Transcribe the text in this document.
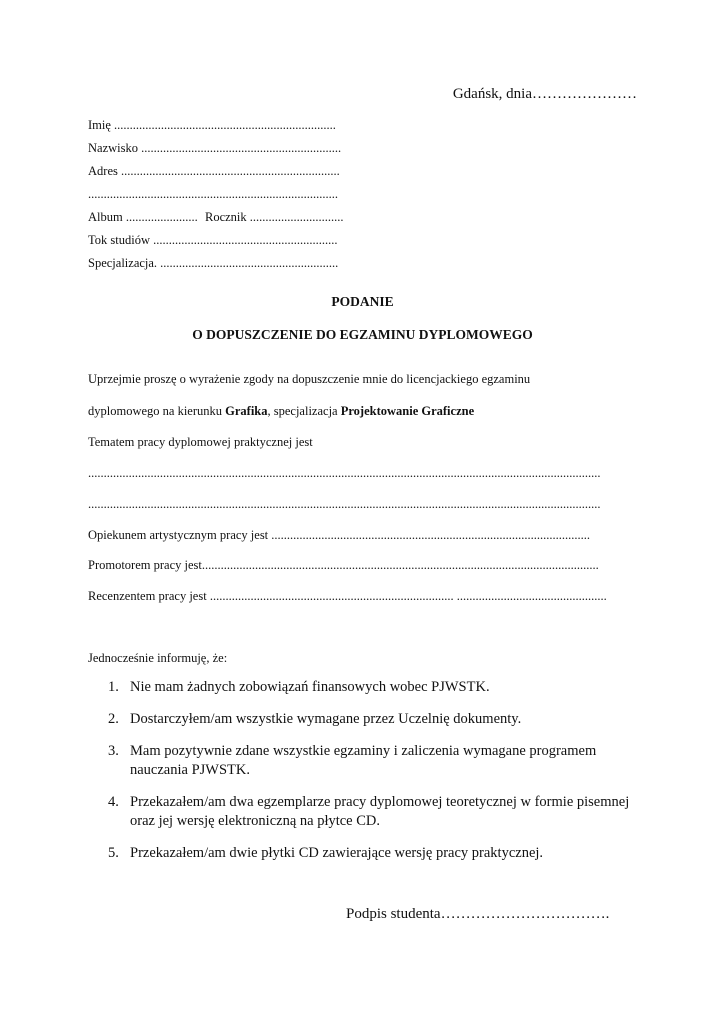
Gdańsk, dnia…………………
Imię .......................................................................
Nazwisko ................................................................
Adres ......................................................................
................................................................................
Album ....................... Rocznik ..............................
Tok studiów ...........................................................
Specjalizacja. .........................................................
PODANIE
O DOPUSZCZENIE DO EGZAMINU DYPLOMOWEGO
Uprzejmie proszę o wyrażenie zgody na dopuszczenie mnie do licencjackiego egzaminu
dyplomowego na kierunku Grafika, specjalizacja Projektowanie Graficzne
Tematem pracy dyplomowej praktycznej jest
....................................................................................................................................................................
....................................................................................................................................................................
Opiekunem artystycznym pracy jest ......................................................................................................
Promotorem pracy jest...............................................................................................................................
Recenzentem pracy jest .............................................................................. ................................................
Jednocześnie informuję, że:
1. Nie mam żadnych zobowiązań finansowych wobec PJWSTK.
2. Dostarczyłem/am wszystkie wymagane przez Uczelnię dokumenty.
3. Mam pozytywnie zdane wszystkie egzaminy i zaliczenia wymagane programem nauczania PJWSTK.
4. Przekazałem/am dwa egzemplarze pracy dyplomowej teoretycznej w formie pisemnej oraz jej wersję elektroniczną na płytce CD.
5. Przekazałem/am dwie płytki CD zawierające wersję pracy praktycznej.
Podpis studenta…………………………….
